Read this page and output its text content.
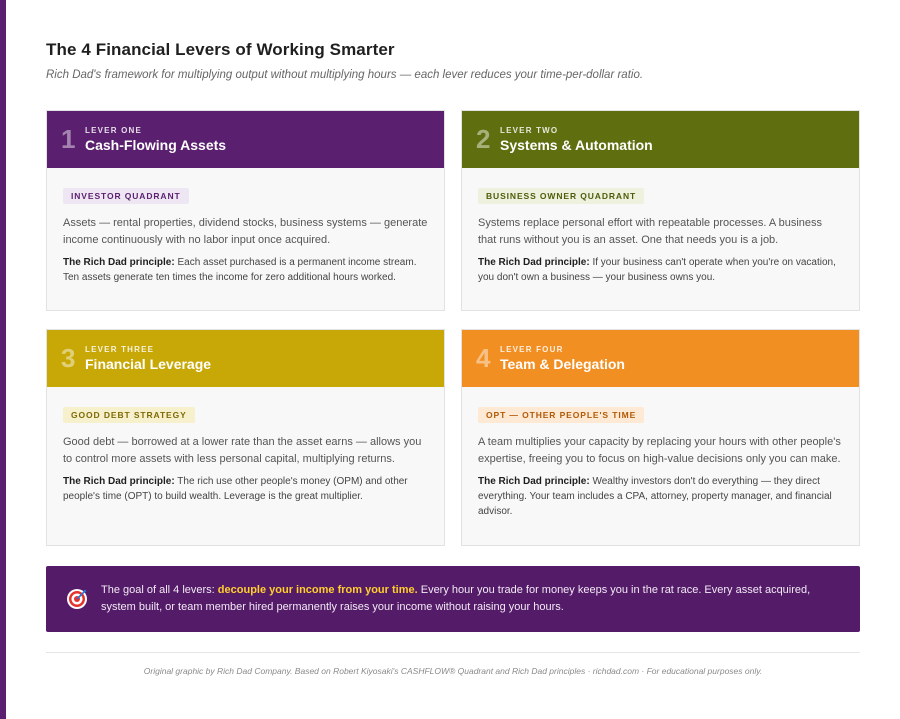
The 4 Financial Levers of Working Smarter
Rich Dad's framework for multiplying output without multiplying hours — each lever reduces your time-per-dollar ratio.
1	LEVER ONE
Cash-Flowing Assets
INVESTOR QUADRANT
Assets — rental properties, dividend stocks, business systems — generate income continuously with no labor input once acquired.
The Rich Dad principle: Each asset purchased is a permanent income stream. Ten assets generate ten times the income for zero additional hours worked.
2	LEVER TWO
Systems & Automation
BUSINESS OWNER QUADRANT
Systems replace personal effort with repeatable processes. A business that runs without you is an asset. One that needs you is a job.
The Rich Dad principle: If your business can't operate when you're on vacation, you don't own a business — your business owns you.
3	LEVER THREE
Financial Leverage
GOOD DEBT STRATEGY
Good debt — borrowed at a lower rate than the asset earns — allows you to control more assets with less personal capital, multiplying returns.
The Rich Dad principle: The rich use other people's money (OPM) and other people's time (OPT) to build wealth. Leverage is the great multiplier.
4	LEVER FOUR
Team & Delegation
OPT — OTHER PEOPLE'S TIME
A team multiplies your capacity by replacing your hours with other people's expertise, freeing you to focus on high-value decisions only you can make.
The Rich Dad principle: Wealthy investors don't do everything — they direct everything. Your team includes a CPA, attorney, property manager, and financial advisor.
The goal of all 4 levers: decouple your income from your time. Every hour you trade for money keeps you in the rat race. Every asset acquired, system built, or team member hired permanently raises your income without raising your hours.
Original graphic by Rich Dad Company. Based on Robert Kiyosaki's CASHFLOW® Quadrant and Rich Dad principles · richdad.com · For educational purposes only.
